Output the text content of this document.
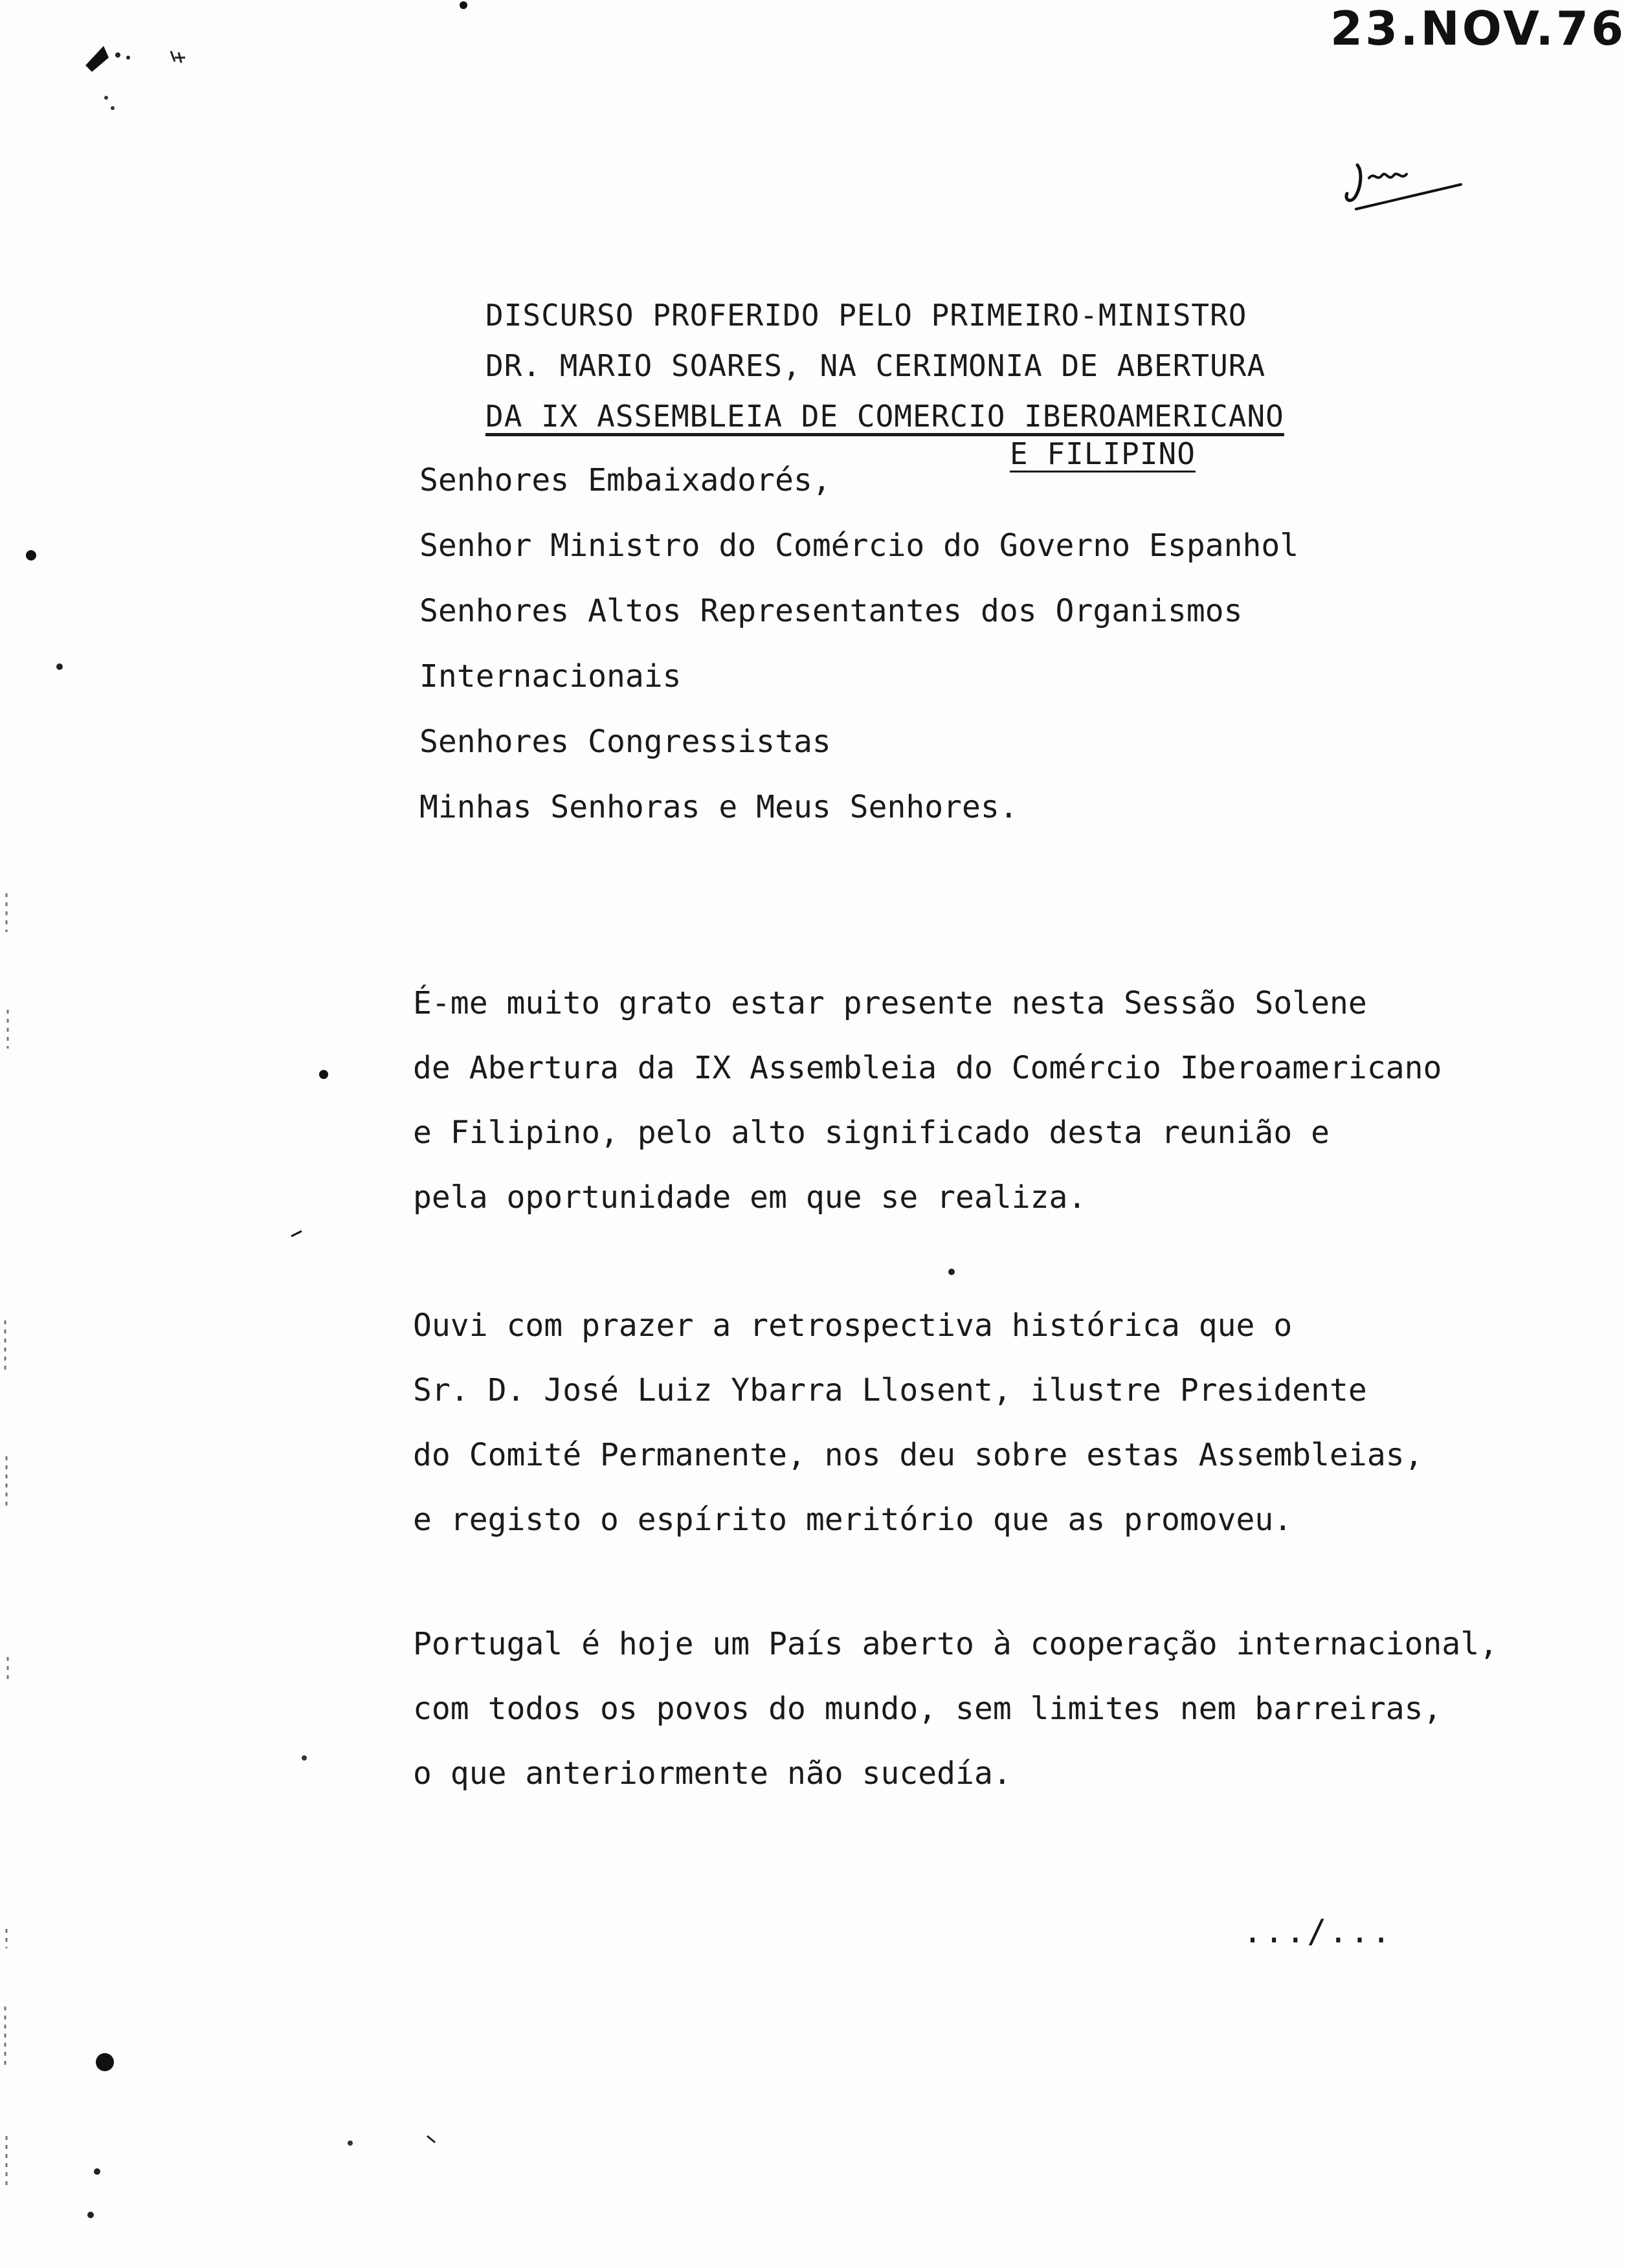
23.NOV.76
DISCURSO PROFERIDO PELO PRIMEIRO-MINISTRO
DR. MARIO SOARES, NA CERIMONIA DE ABERTURA
DA IX ASSEMBLEIA DE COMERCIO IBEROAMERICANO
E FILIPINO
Senhores Embaixadorés,
Senhor Ministro do Comércio do Governo Espanhol
Senhores Altos Representantes dos Organismos
Internacionais
Senhores Congressistas
Minhas Senhoras e Meus Senhores.
É-me muito grato estar presente nesta Sessão Solene
de Abertura da IX Assembleia do Comércio Iberoamericano
e Filipino, pelo alto significado desta reunião e
pela oportunidade em que se realiza.
Ouvi com prazer a retrospectiva histórica que o
Sr. D. José Luiz Ybarra Llosent, ilustre Presidente
do Comité Permanente, nos deu sobre estas Assembleias,
e registo o espírito meritório que as promoveu.
Portugal é hoje um País aberto à cooperação internacional,
com todos os povos do mundo, sem limites nem barreiras,
o que anteriormente não sucedía.
.../...
